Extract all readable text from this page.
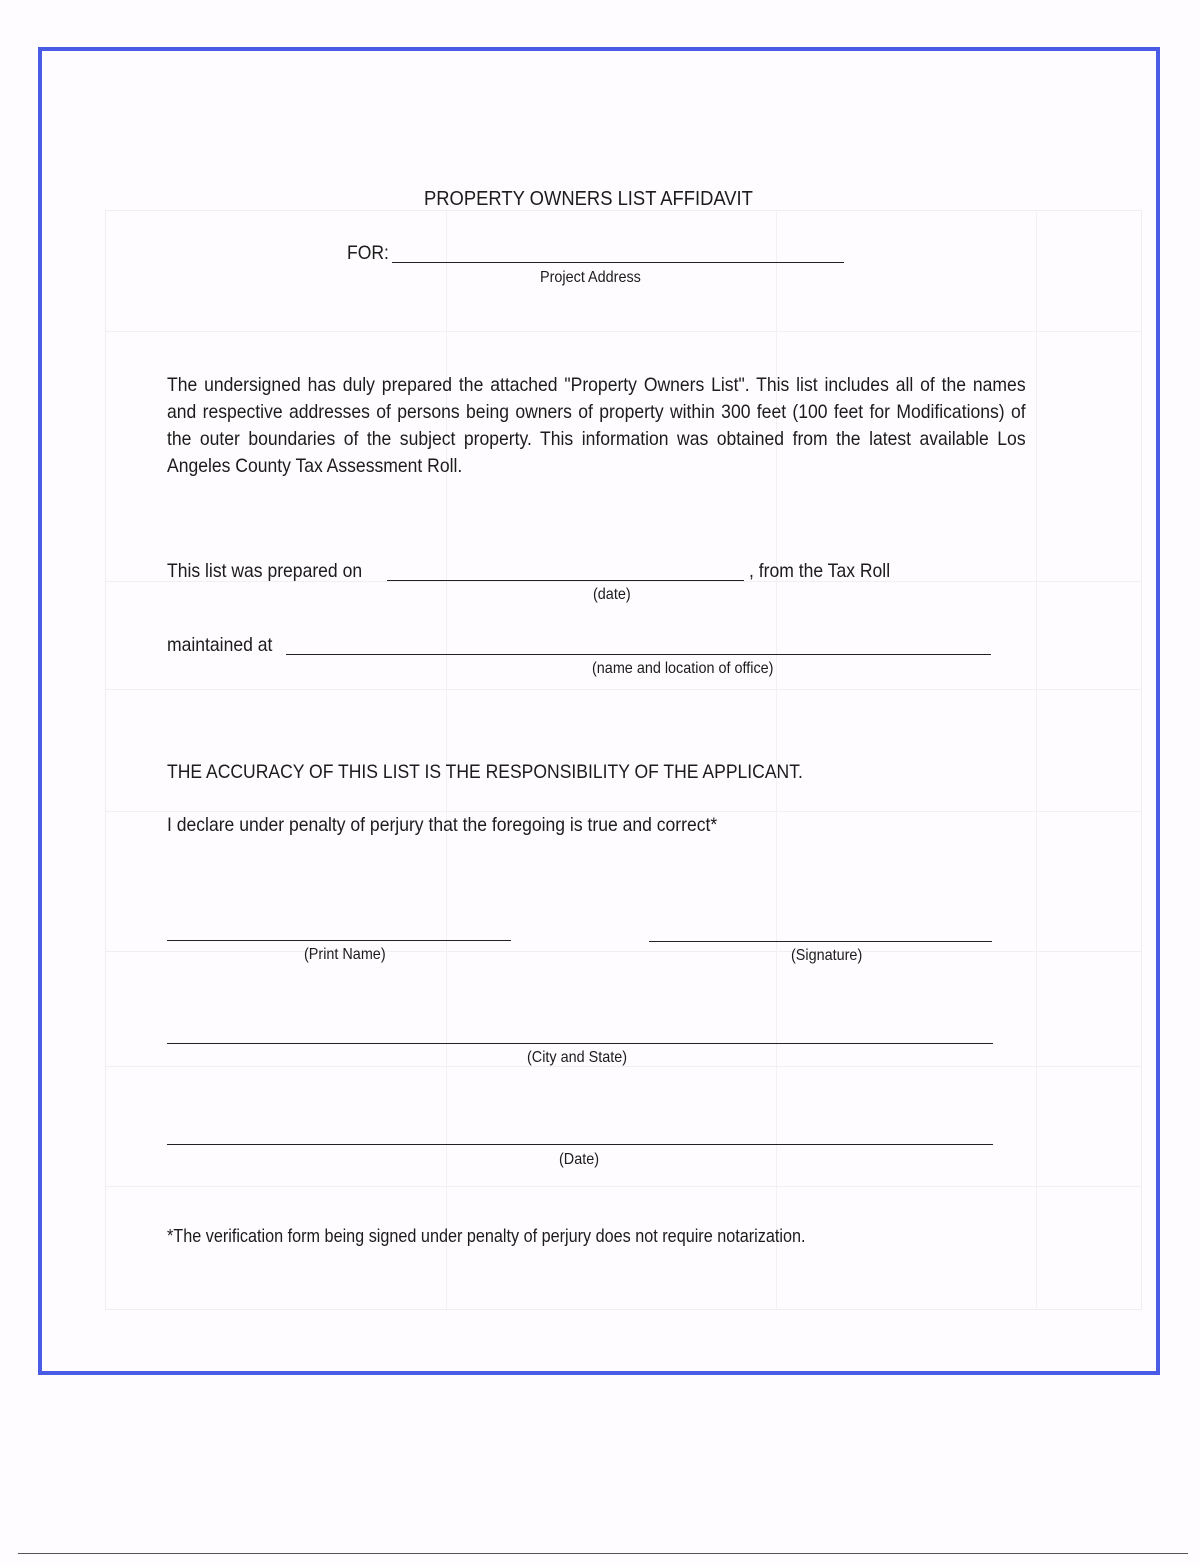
PROPERTY OWNERS LIST AFFIDAVIT
FOR:
Project Address
The undersigned has duly prepared the attached "Property Owners List". This list includes all of the names and respective addresses of persons being owners of property within 300 feet (100 feet for Modifications) of the outer boundaries of the subject property. This information was obtained from the latest available Los Angeles County Tax Assessment Roll.
This list was prepared on	, from the Tax Roll
(date)
maintained at
(name and location of office)
THE ACCURACY OF THIS LIST IS THE RESPONSIBILITY OF THE APPLICANT.
I declare under penalty of perjury that the foregoing is true and correct*
(Print Name)	(Signature)
(City and State)
(Date)
*The verification form being signed under penalty of perjury does not require notarization.
